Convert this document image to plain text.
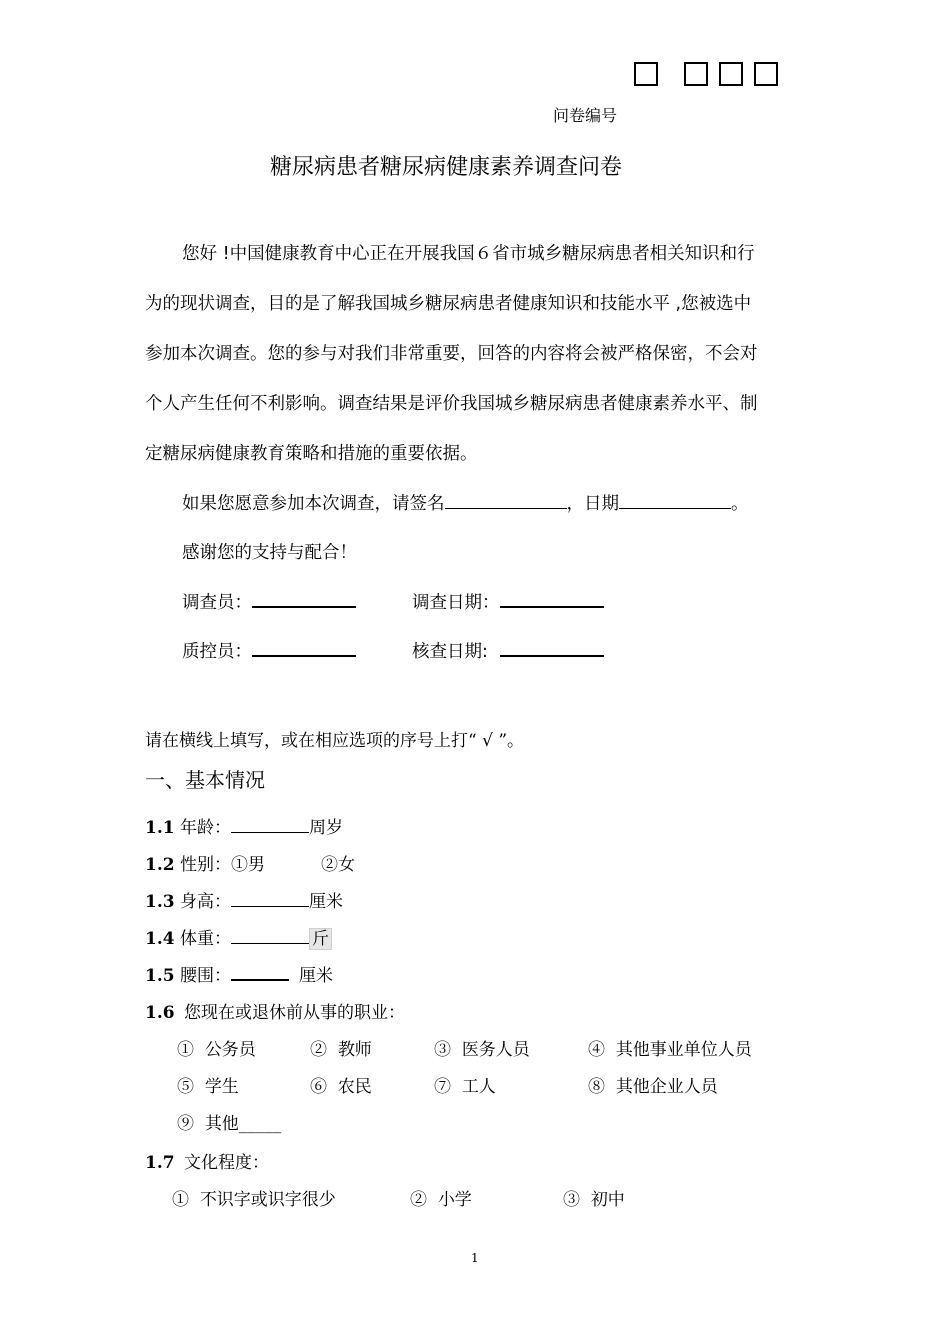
问卷编号
糖尿病患者糖尿病健康素养调查问卷
您好 !中国健康教育中心正在开展我国６省市城乡糖尿病患者相关知识和行
为的现状调查，目的是了解我国城乡糖尿病患者健康知识和技能水平 ,您被选中
参加本次调查。您的参与对我们非常重要，回答的内容将会被严格保密，不会对
个人产生任何不利影响。调查结果是评价我国城乡糖尿病患者健康素养水平、制
定糖尿病健康教育策略和措施的重要依据。
如果您愿意参加本次调查，请签名	，日期	。
感谢您的支持与配合！
调查员：	调查日期：
质控员：	核查日期:
请在横线上填写，或在相应选项的序号上打“ √ ”。
一、基本情况
1.1 年龄：	周岁
1.2 性别：①男	②女
1.3 身高：	厘米
1.4 体重：	斤
1.5 腰围：	厘米
1.6 您现在或退休前从事的职业：
① 公务员	② 教师	③ 医务人员	④ 其他事业单位人员
⑤ 学生	⑥ 农民	⑦ 工人	⑧ 其他企业人员
⑨ 其他_____
1.7 文化程度：
① 不识字或识字很少	② 小学	③ 初中
1
